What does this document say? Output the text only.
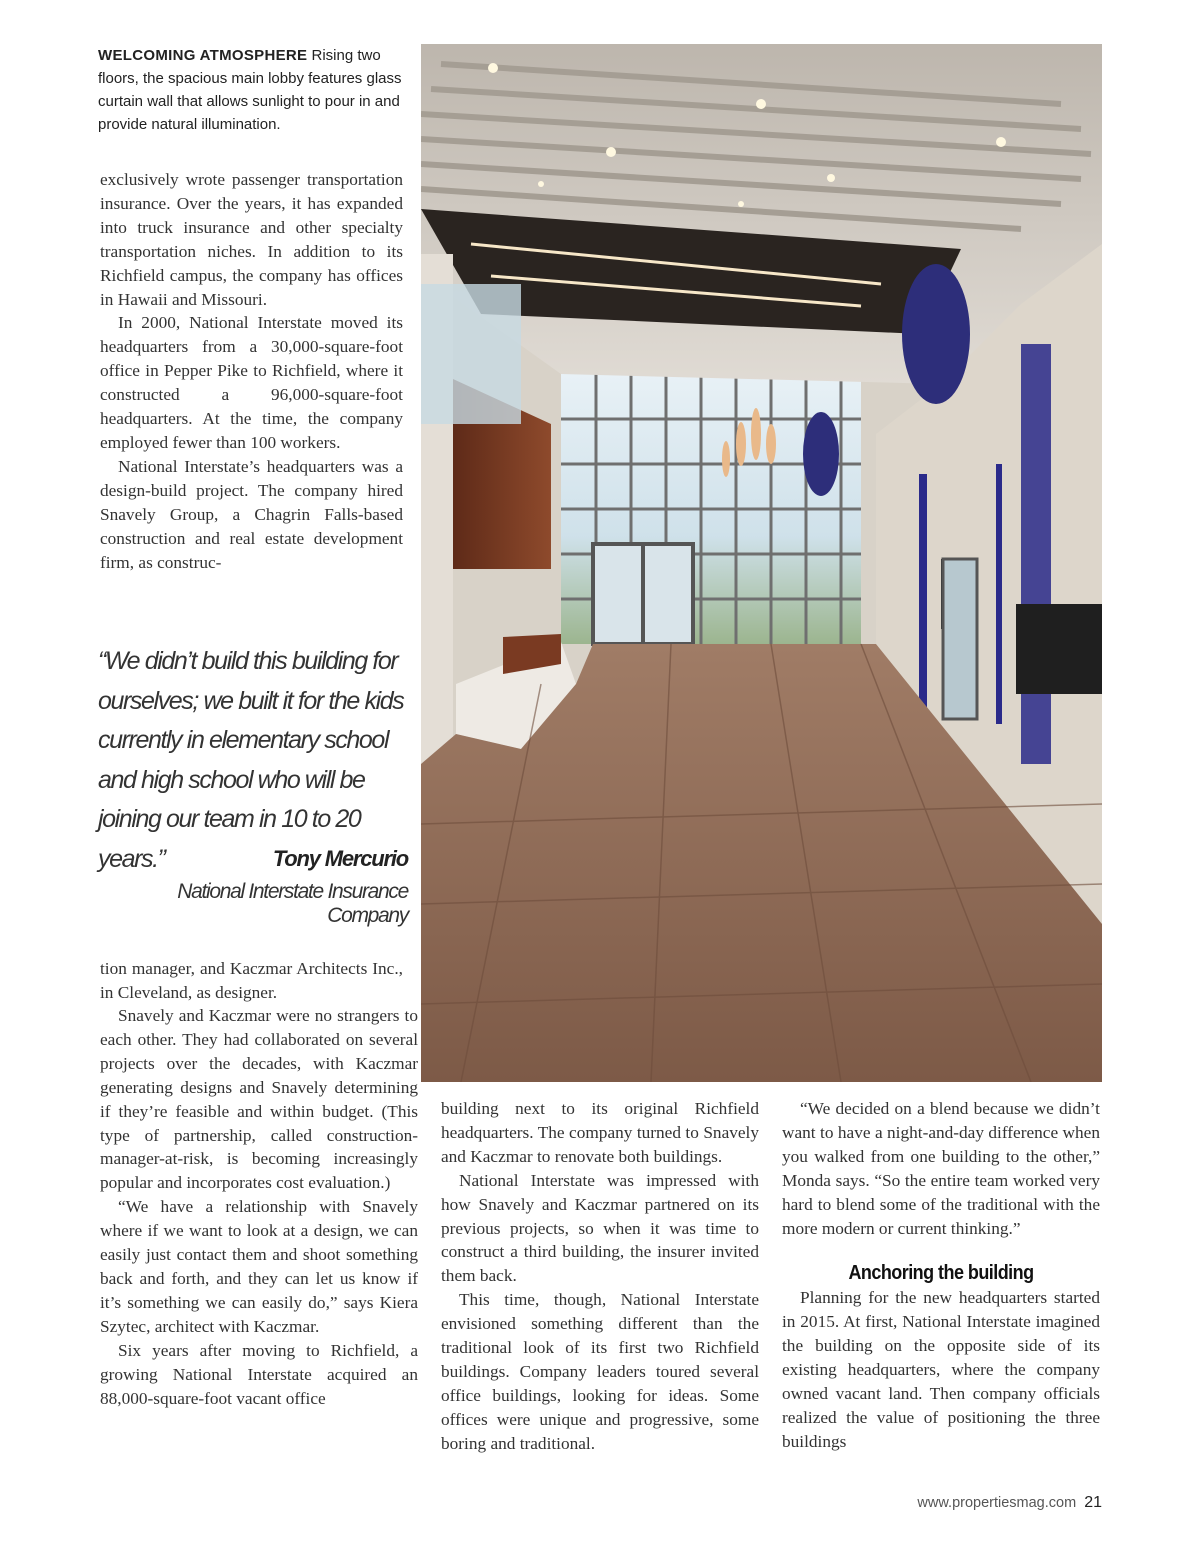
WELCOMING ATMOSPHERE Rising two floors, the spacious main lobby features glass curtain wall that allows sunlight to pour in and provide natural illumination.

exclusively wrote passenger transportation insurance. Over the years, it has expanded into truck insurance and other specialty transportation niches. In addition to its Richfield campus, the company has offices in Hawaii and Missouri.

In 2000, National Interstate moved its headquarters from a 30,000-square-foot office in Pepper Pike to Richfield, where it constructed a 96,000-square-foot headquarters. At the time, the company employed fewer than 100 workers.

National Interstate’s headquarters was a design-build project. The company hired Snavely Group, a Chagrin Falls-based construction and real estate development firm, as construc-

“We didn’t build this building for ourselves; we built it for the kids currently in elementary school and high school who will be joining our team in 10 to 20 years.”	Tony Mercurio
National Interstate Insurance Company

tion manager, and Kaczmar Architects Inc., in Cleveland, as designer.

Snavely and Kaczmar were no strangers to each other. They had collaborated on several projects over the decades, with Kaczmar generating designs and Snavely determining if they’re feasible and within budget. (This type of partnership, called construction-manager-at-risk, is becoming increasingly popular and incorporates cost evaluation.)

“We have a relationship with Snavely where if we want to look at a design, we can easily just contact them and shoot something back and forth, and they can let us know if it’s something we can easily do,” says Kiera Szytec, architect with Kaczmar.

Six years after moving to Richfield, a growing National Interstate acquired an 88,000-square-foot vacant office

building next to its original Richfield headquarters. The company turned to Snavely and Kaczmar to renovate both buildings.

National Interstate was impressed with how Snavely and Kaczmar partnered on its previous projects, so when it was time to construct a third building, the insurer invited them back.

This time, though, National Interstate envisioned something different than the traditional look of its first two Richfield buildings. Company leaders toured several office buildings, looking for ideas. Some offices were unique and progressive, some boring and traditional.

“We decided on a blend because we didn’t want to have a night-and-day difference when you walked from one building to the other,” Monda says. “So the entire team worked very hard to blend some of the traditional with the more modern or current thinking.”

Anchoring the building

Planning for the new headquarters started in 2015. At first, National Interstate imagined the building on the opposite side of its existing headquarters, where the company owned vacant land. Then company officials realized the value of positioning the three buildings

www.propertiesmag.com 21
